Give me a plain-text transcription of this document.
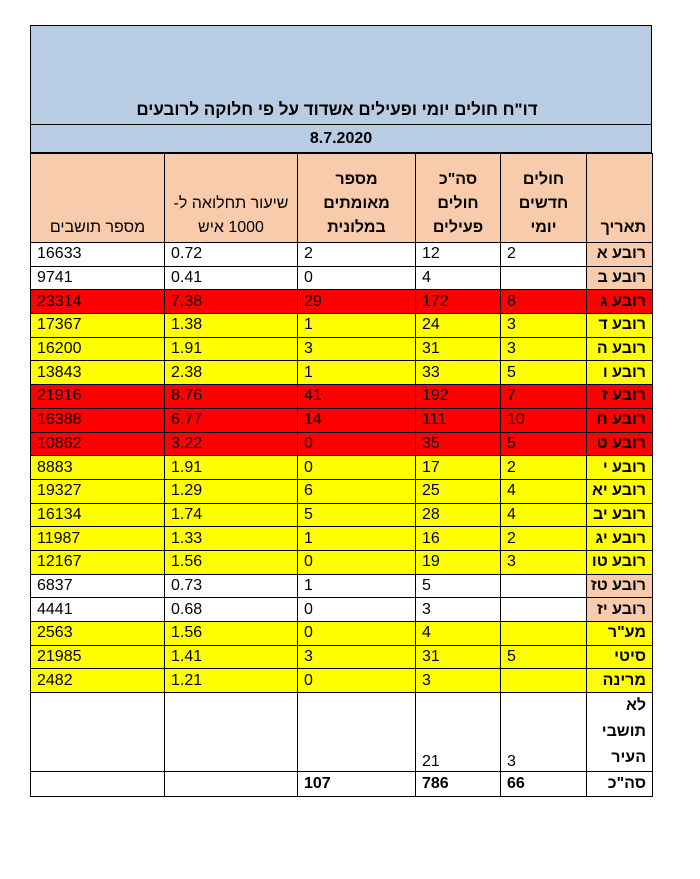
דו"ח חולים יומי ופעילים אשדוד על פי חלוקה לרובעים
8.7.2020
תאריך	חולים חדשים יומי	סה"כ חולים פעילים	מספר מאומתים במלונית	שיעור תחלואה ל- 1000 איש	מספר תושבים
רובע א	2	12	2	0.72	16633
רובע ב		4	0	0.41	9741
רובע ג	8	172	29	7.38	23314
רובע ד	3	24	1	1.38	17367
רובע ה	3	31	3	1.91	16200
רובע ו	5	33	1	2.38	13843
רובע ז	7	192	41	8.76	21916
רובע ח	10	111	14	6.77	16388
רובע ט	5	35	0	3.22	10862
רובע י	2	17	0	1.91	8883
רובע יא	4	25	6	1.29	19327
רובע יב	4	28	5	1.74	16134
רובע יג	2	16	1	1.33	11987
רובע טו	3	19	0	1.56	12167
רובע טז		5	1	0.73	6837
רובע יז		3	0	0.68	4441
מע"ר		4	0	1.56	2563
סיטי	5	31	3	1.41	21985
מרינה		3	0	1.21	2482
לא תושבי העיר	3	21			
סה"כ	66	786	107		
